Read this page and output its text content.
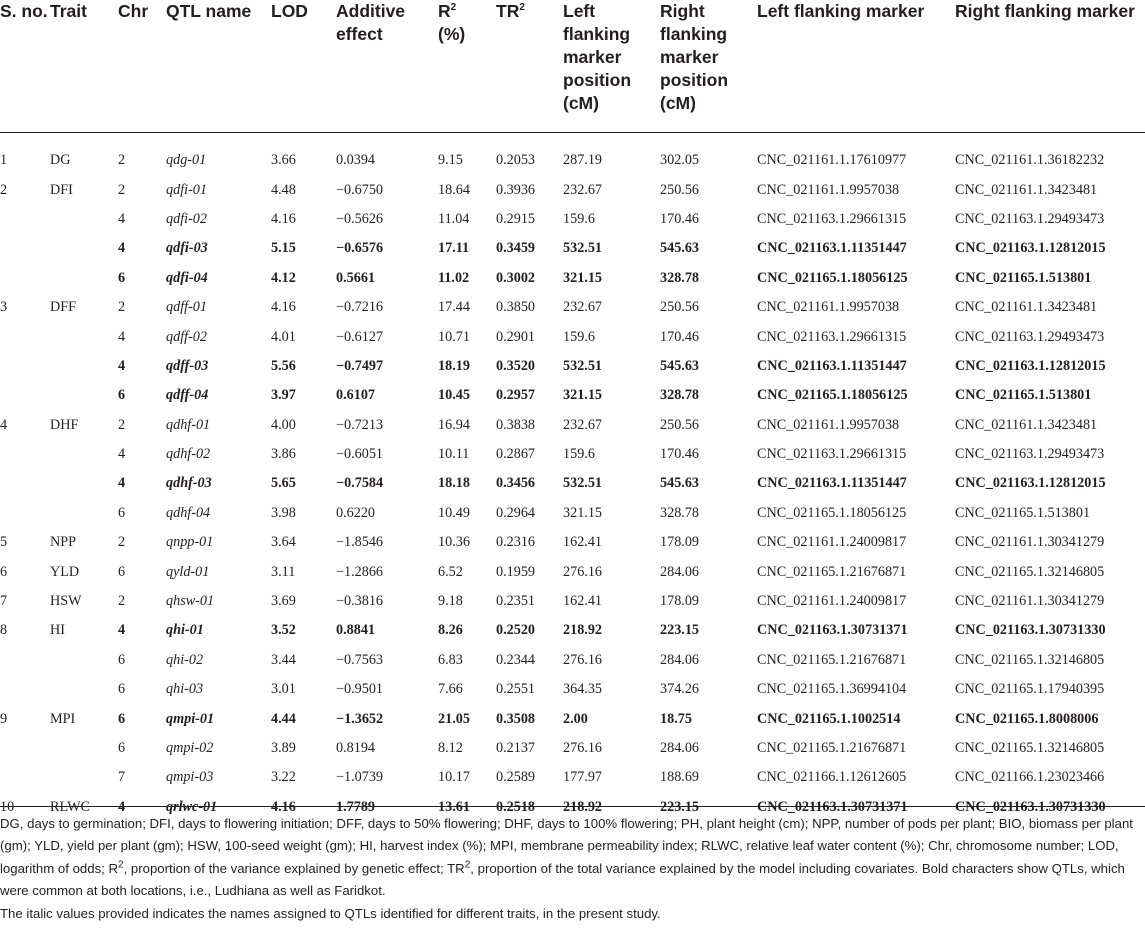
S. no.	Trait	Chr	QTL name	LOD	Additive effect	$R^2$
(%)	$TR^2$	Left flanking marker position (cM)	Right flanking marker position (cM)	Left flanking marker	Right flanking marker

1	DG	2	qdg-01	3.66	0.0394	9.15	0.2053	287.19	302.05	CNC_021161.1.17610977	CNC_021161.1.36182232
2	DFI	2	qdfi-01	4.48	−0.6750	18.64	0.3936	232.67	250.56	CNC_021161.1.9957038	CNC_021161.1.3423481
		4	qdfi-02	4.16	−0.5626	11.04	0.2915	159.6	170.46	CNC_021163.1.29661315	CNC_021163.1.29493473
		4	qdfi-03	5.15	−0.6576	17.11	0.3459	532.51	545.63	CNC_021163.1.11351447	CNC_021163.1.12812015
		6	qdfi-04	4.12	0.5661	11.02	0.3002	321.15	328.78	CNC_021165.1.18056125	CNC_021165.1.513801
3	DFF	2	qdff-01	4.16	−0.7216	17.44	0.3850	232.67	250.56	CNC_021161.1.9957038	CNC_021161.1.3423481
		4	qdff-02	4.01	−0.6127	10.71	0.2901	159.6	170.46	CNC_021163.1.29661315	CNC_021163.1.29493473
		4	qdff-03	5.56	−0.7497	18.19	0.3520	532.51	545.63	CNC_021163.1.11351447	CNC_021163.1.12812015
		6	qdff-04	3.97	0.6107	10.45	0.2957	321.15	328.78	CNC_021165.1.18056125	CNC_021165.1.513801
4	DHF	2	qdhf-01	4.00	−0.7213	16.94	0.3838	232.67	250.56	CNC_021161.1.9957038	CNC_021161.1.3423481
		4	qdhf-02	3.86	−0.6051	10.11	0.2867	159.6	170.46	CNC_021163.1.29661315	CNC_021163.1.29493473
		4	qdhf-03	5.65	−0.7584	18.18	0.3456	532.51	545.63	CNC_021163.1.11351447	CNC_021163.1.12812015
		6	qdhf-04	3.98	0.6220	10.49	0.2964	321.15	328.78	CNC_021165.1.18056125	CNC_021165.1.513801
5	NPP	2	qnpp-01	3.64	−1.8546	10.36	0.2316	162.41	178.09	CNC_021161.1.24009817	CNC_021161.1.30341279
6	YLD	6	qyld-01	3.11	−1.2866	6.52	0.1959	276.16	284.06	CNC_021165.1.21676871	CNC_021165.1.32146805
7	HSW	2	qhsw-01	3.69	−0.3816	9.18	0.2351	162.41	178.09	CNC_021161.1.24009817	CNC_021161.1.30341279
8	HI	4	qhi-01	3.52	0.8841	8.26	0.2520	218.92	223.15	CNC_021163.1.30731371	CNC_021163.1.30731330
		6	qhi-02	3.44	−0.7563	6.83	0.2344	276.16	284.06	CNC_021165.1.21676871	CNC_021165.1.32146805
		6	qhi-03	3.01	−0.9501	7.66	0.2551	364.35	374.26	CNC_021165.1.36994104	CNC_021165.1.17940395
9	MPI	6	qmpi-01	4.44	−1.3652	21.05	0.3508	2.00	18.75	CNC_021165.1.1002514	CNC_021165.1.8008006
		6	qmpi-02	3.89	0.8194	8.12	0.2137	276.16	284.06	CNC_021165.1.21676871	CNC_021165.1.32146805
		7	qmpi-03	3.22	−1.0739	10.17	0.2589	177.97	188.69	CNC_021166.1.12612605	CNC_021166.1.23023466
10	RLWC	4	qrlwc-01	4.16	1.7789	13.61	0.2518	218.92	223.15	CNC_021163.1.30731371	CNC_021163.1.30731330

DG, days to germination; DFI, days to flowering initiation; DFF, days to 50% flowering; DHF, days to 100% flowering; PH, plant height (cm); NPP, number of pods per plant; BIO, biomass per plant (gm); YLD, yield per plant (gm); HSW, 100-seed weight (gm); HI, harvest index (%); MPI, membrane permeability index; RLWC, relative leaf water content (%); Chr, chromosome number; LOD, logarithm of odds; $R^2$, proportion of the variance explained by genetic effect; $TR^2$, proportion of the total variance explained by the model including covariates. Bold characters show QTLs, which were common at both locations, i.e., Ludhiana as well as Faridkot.

The italic values provided indicates the names assigned to QTLs identified for different traits, in the present study.
